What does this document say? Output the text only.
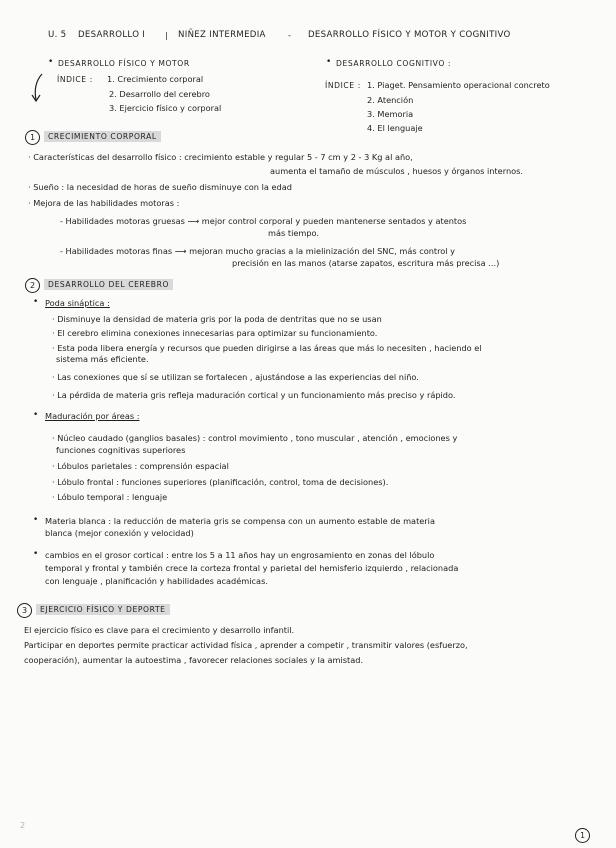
U. 5 DESARROLLO I | NIÑEZ INTERMEDIA	- DESARROLLO FÍSICO Y MOTOR Y COGNITIVO
• DESARROLLO FÍSICO Y MOTOR
ÍNDICE : 1. Crecimiento corporal
2. Desarrollo del cerebro
3. Ejercicio físico y corporal
• DESARROLLO COGNITIVO :
ÍNDICE : 1. Piaget. Pensamiento operacional concreto
2. Atención
3. Memoria
4. El lenguaje
1	CRECIMIENTO CORPORAL
· Características del desarrollo físico : crecimiento estable y regular 5 - 7 cm y 2 - 3 Kg al año,
aumenta el tamaño de músculos , huesos y órganos internos.
· Sueño : la necesidad de horas de sueño disminuye con la edad
· Mejora de las habilidades motoras :
- Habilidades motoras gruesas ⟶ mejor control corporal y pueden mantenerse sentados y atentos
más tiempo.
- Habilidades motoras finas ⟶ mejoran mucho gracias a la mielinización del SNC, más control y
precisión en las manos (atarse zapatos, escritura más precisa ...)
2	DESARROLLO DEL CEREBRO
• Poda sináptica :
· Disminuye la densidad de materia gris por la poda de dentritas que no se usan
· El cerebro elimina conexiones innecesarias para optimizar su funcionamiento.
· Esta poda libera energía y recursos que pueden dirigirse a las áreas que más lo necesiten , haciendo el
sistema más eficiente.
· Las conexiones que sí se utilizan se fortalecen , ajustándose a las experiencias del niño.
· La pérdida de materia gris refleja maduración cortical y un funcionamiento más preciso y rápido.
• Maduración por áreas :
· Núcleo caudado (ganglios basales) : control movimiento , tono muscular , atención , emociones y
funciones cognitivas superiores
· Lóbulos parietales : comprensión espacial
· Lóbulo frontal : funciones superiores (planificación, control, toma de decisiones).
· Lóbulo temporal : lenguaje
• Materia blanca : la reducción de materia gris se compensa con un aumento estable de materia
blanca (mejor conexión y velocidad)
• cambios en el grosor cortical : entre los 5 a 11 años hay un engrosamiento en zonas del lóbulo
temporal y frontal y también crece la corteza frontal y parietal del hemisferio izquierdo , relacionada
con lenguaje , planificación y habilidades académicas.
3	EJERCICIO FÍSICO Y DEPORTE
El ejercicio físico es clave para el crecimiento y desarrollo infantil.
Participar en deportes permite practicar actividad física , aprender a competir , transmitir valores (esfuerzo,
cooperación), aumentar la autoestima , favorecer relaciones sociales y la amistad.
2
1
